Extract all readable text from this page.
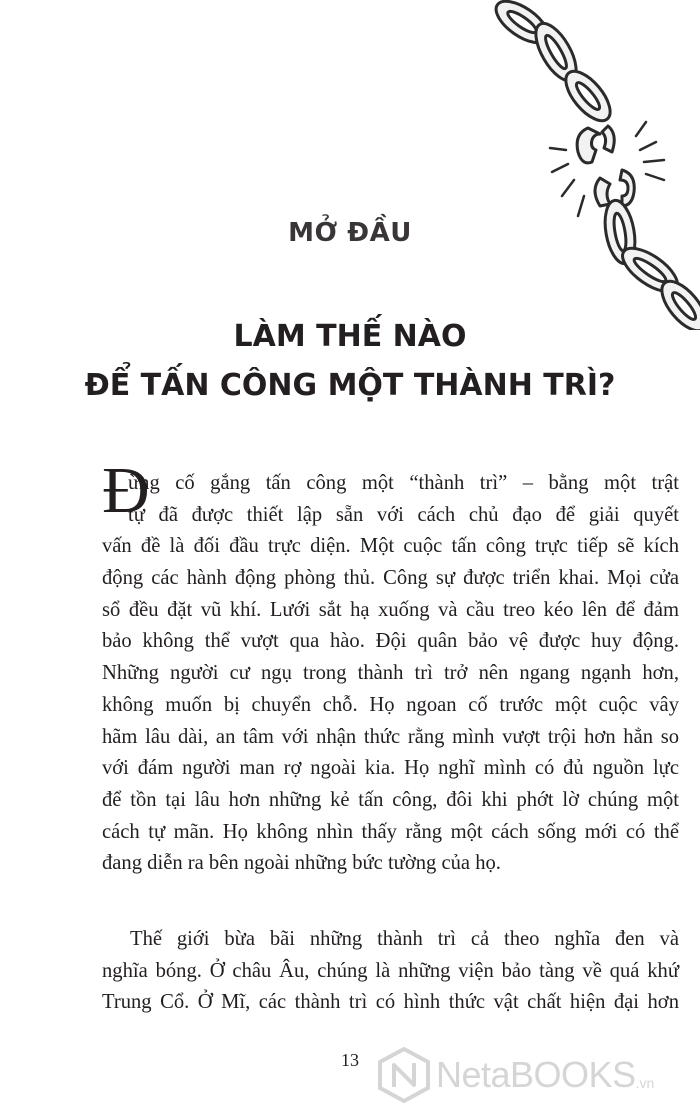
MỞ ĐẦU
LÀM THẾ NÀO
ĐỂ TẤN CÔNG MỘT THÀNH TRÌ?
Đ
ừng cố gắng tấn công một “thành trì” – bằng một trật
tự đã được thiết lập sẵn với cách chủ đạo để giải quyết
vấn đề là đối đầu trực diện. Một cuộc tấn công trực tiếp sẽ kích
động các hành động phòng thủ. Công sự được triển khai. Mọi cửa
sổ đều đặt vũ khí. Lưới sắt hạ xuống và cầu treo kéo lên để đảm
bảo không thể vượt qua hào. Đội quân bảo vệ được huy động.
Những người cư ngụ trong thành trì trở nên ngang ngạnh hơn,
không muốn bị chuyển chỗ. Họ ngoan cố trước một cuộc vây
hãm lâu dài, an tâm với nhận thức rằng mình vượt trội hơn hẳn so
với đám người man rợ ngoài kia. Họ nghĩ mình có đủ nguồn lực
để tồn tại lâu hơn những kẻ tấn công, đôi khi phớt lờ chúng một
cách tự mãn. Họ không nhìn thấy rằng một cách sống mới có thể
đang diễn ra bên ngoài những bức tường của họ.
Thế giới bừa bãi những thành trì cả theo nghĩa đen và
nghĩa bóng. Ở châu Âu, chúng là những viện bảo tàng về quá khứ
Trung Cổ. Ở Mĩ, các thành trì có hình thức vật chất hiện đại hơn

13	NetaBOOKS .vn
